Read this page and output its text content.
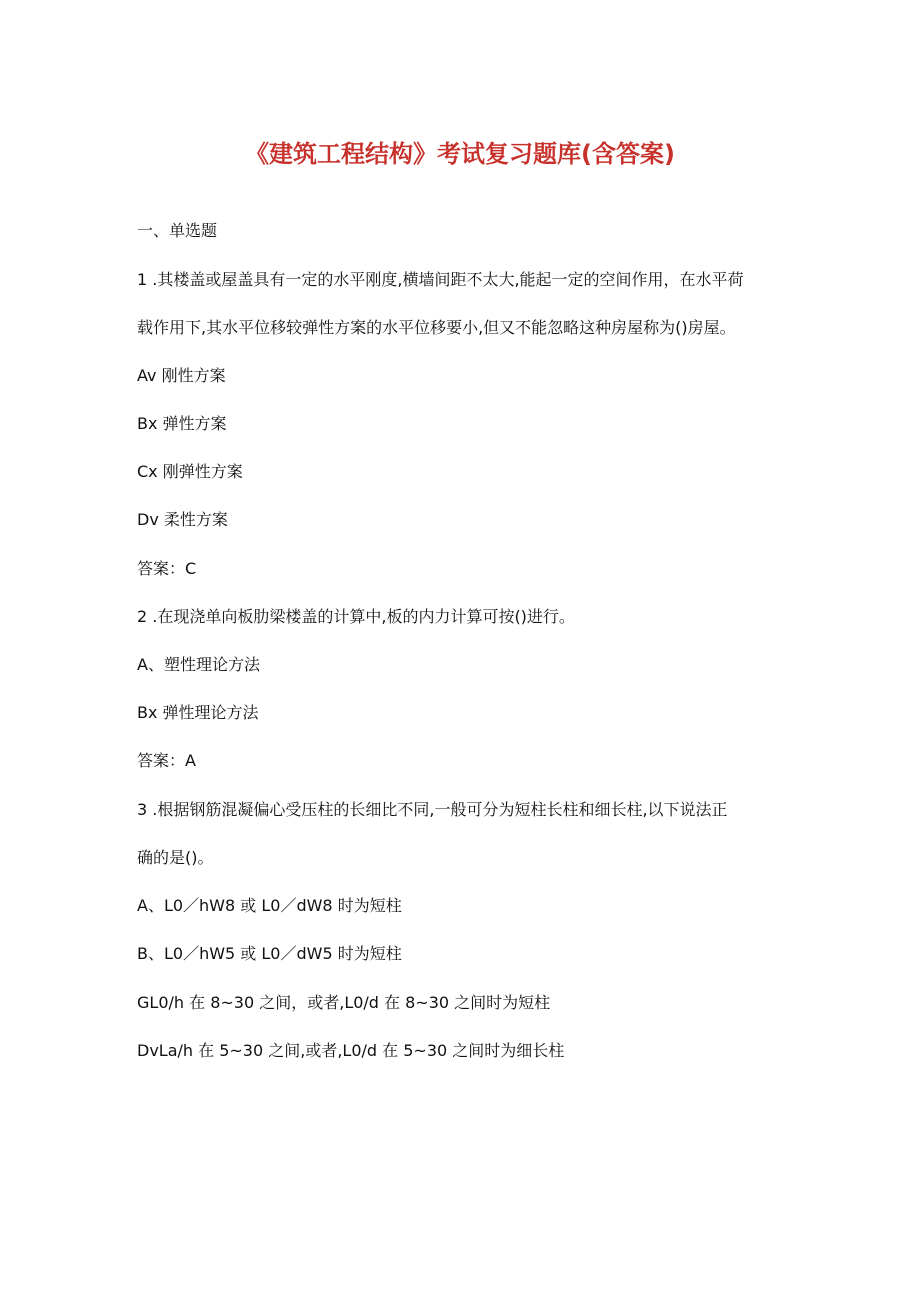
《建筑工程结构》考试复习题库(含答案)
一、单选题
1 .其楼盖或屋盖具有一定的水平刚度,横墙间距不太大,能起一定的空间作用，在水平荷
载作用下,其水平位移较弹性方案的水平位移要小,但又不能忽略这种房屋称为()房屋。
Av 刚性方案
Bx 弹性方案
Cx 刚弹性方案
Dv 柔性方案
答案：C
2 .在现浇单向板肋梁楼盖的计算中,板的内力计算可按()进行。
A、塑性理论方法
Bx 弹性理论方法
答案：A
3 .根据钢筋混凝偏心受压柱的长细比不同,一般可分为短柱长柱和细长柱,以下说法正
确的是()。
A、L0／hW8 或 L0／dW8 时为短柱
B、L0／hW5 或 L0／dW5 时为短柱
GL0/h 在 8~30 之间，或者,L0/d 在 8~30 之间时为短柱
DvLa/h 在 5~30 之间,或者,L0/d 在 5~30 之间时为细长柱
